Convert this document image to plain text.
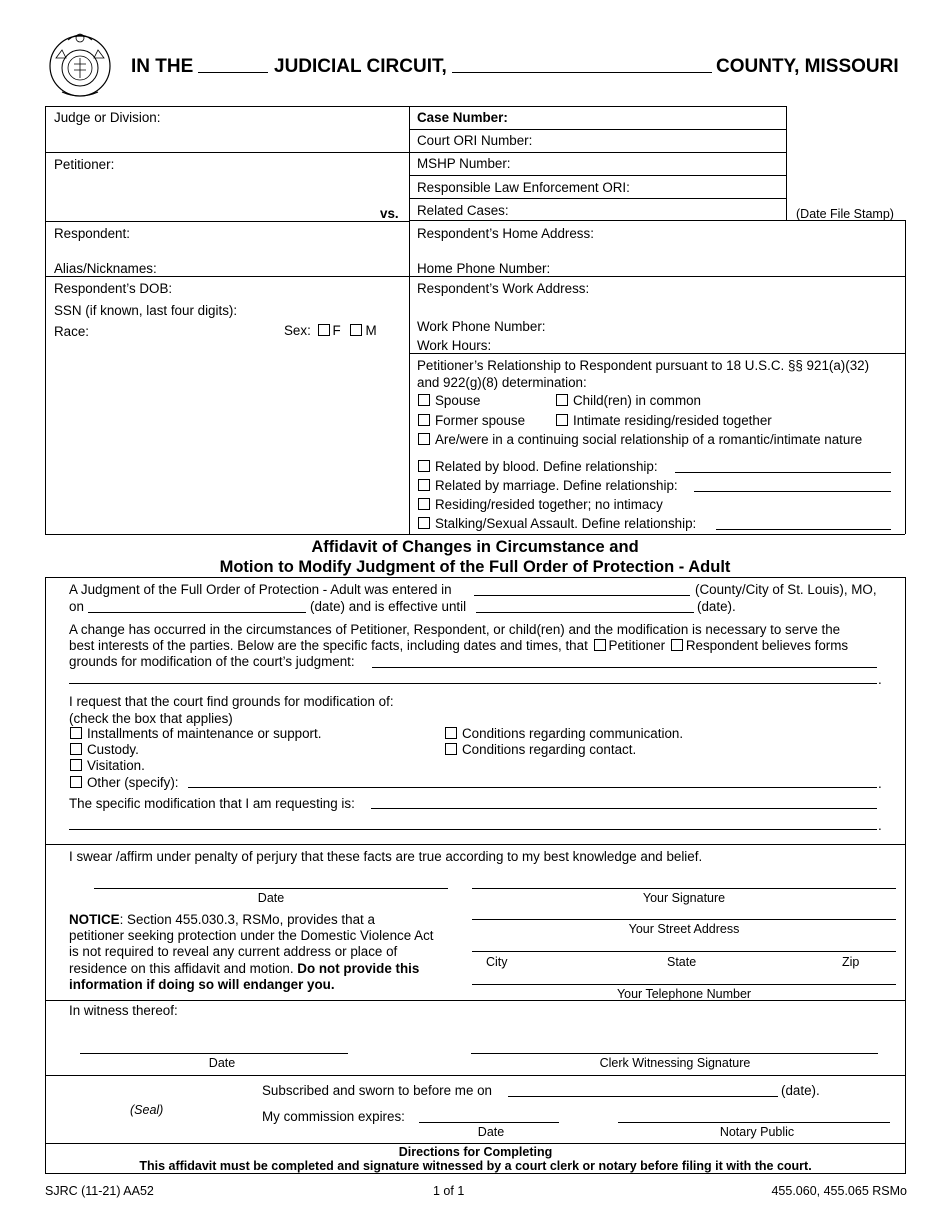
IN THE	JUDICIAL CIRCUIT,	COUNTY, MISSOURI
Judge or Division:
Petitioner:
vs.
Respondent:
Alias/Nicknames:
Respondent’s DOB:
SSN (if known, last four digits):
Race:	Sex: F M
Case Number:
Court ORI Number:
MSHP Number:
Responsible Law Enforcement ORI:
Related Cases:	(Date File Stamp)
Respondent’s Home Address:
Home Phone Number:
Respondent’s Work Address:
Work Phone Number:
Work Hours:
Petitioner’s Relationship to Respondent pursuant to 18 U.S.C. §§ 921(a)(32)
and 922(g)(8) determination:
Spouse	Child(ren) in common
Former spouse	Intimate residing/resided together
Are/were in a continuing social relationship of a romantic/intimate nature
Related by blood. Define relationship:
Related by marriage. Define relationship:
Residing/resided together; no intimacy
Stalking/Sexual Assault. Define relationship:
Affidavit of Changes in Circumstance and
Motion to Modify Judgment of the Full Order of Protection - Adult
A Judgment of the Full Order of Protection - Adult was entered in	(County/City of St. Louis), MO,
on	(date) and is effective until	(date).
A change has occurred in the circumstances of Petitioner, Respondent, or child(ren) and the modification is necessary to serve the
best interests of the parties. Below are the specific facts, including dates and times, that Petitioner Respondent believes forms
grounds for modification of the court’s judgment:
.
I request that the court find grounds for modification of:
(check the box that applies)
Installments of maintenance or support.
Custody.
Visitation.
Other (specify):	.
Conditions regarding communication.
Conditions regarding contact.
The specific modification that I am requesting is:
.
I swear /affirm under penalty of perjury that these facts are true according to my best knowledge and belief.
Date	Your Signature
Your Street Address
City	State	Zip
Your Telephone Number
NOTICE: Section 455.030.3, RSMo, provides that a
petitioner seeking protection under the Domestic Violence Act
is not required to reveal any current address or place of
residence on this affidavit and motion. Do not provide this
information if doing so will endanger you.
In witness thereof:
Date	Clerk Witnessing Signature
(Seal)
Subscribed and sworn to before me on	(date).
My commission expires:
Date	Notary Public
Directions for Completing
This affidavit must be completed and signature witnessed by a court clerk or notary before filing it with the court.
SJRC (11-21) AA52	1 of 1	455.060, 455.065 RSMo
